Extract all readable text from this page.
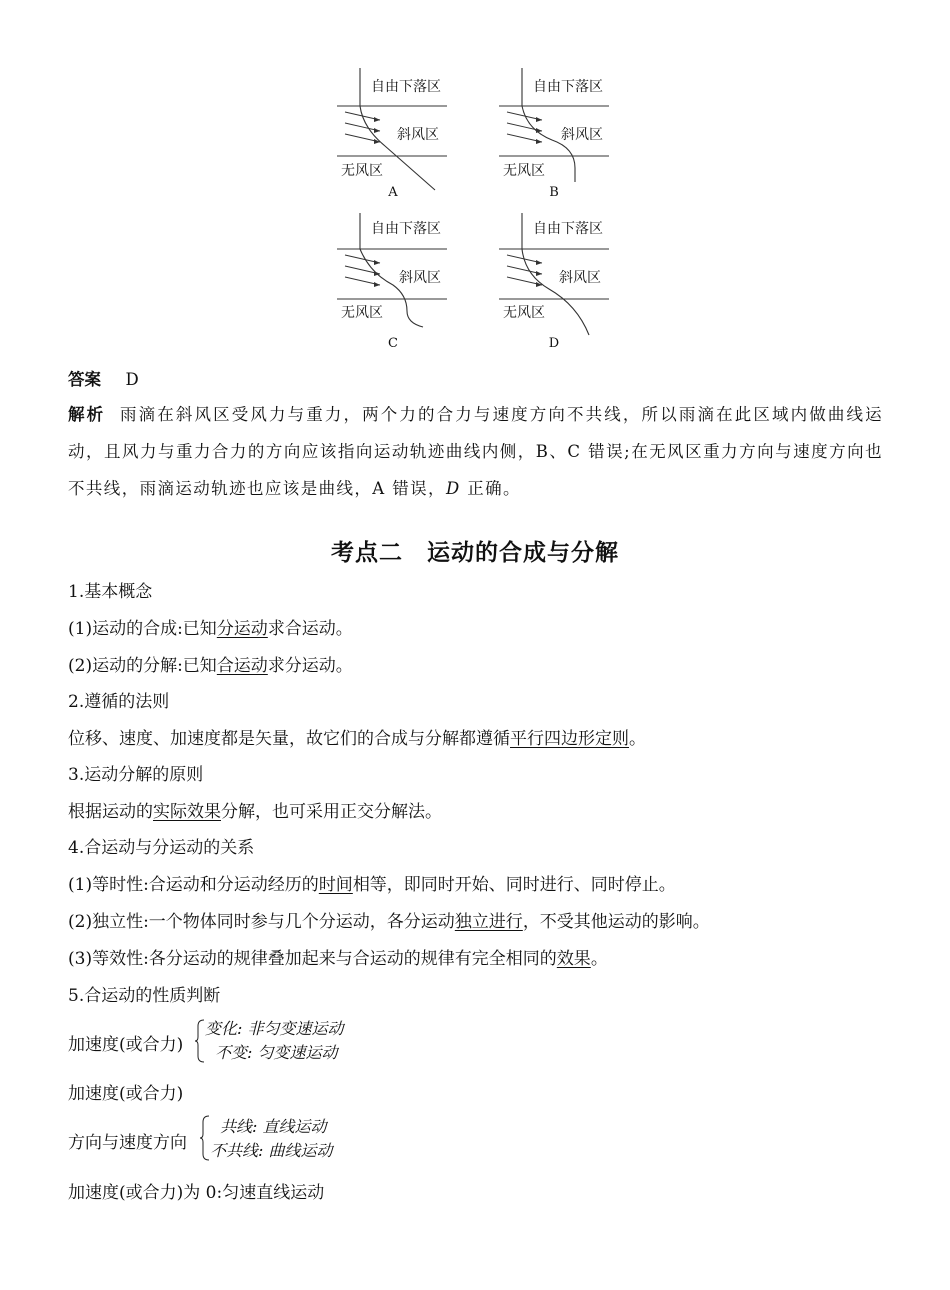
自由下落区
斜风区
无风区
A
自由下落区
斜风区
无风区
B
自由下落区
斜风区
无风区
C
自由下落区
斜风区
无风区
D
答案 D
解析 雨滴在斜风区受风力与重力，两个力的合力与速度方向不共线，所以雨滴在此区域内做曲线运动，且风力与重力合力的方向应该指向运动轨迹曲线内侧，B、C 错误;在无风区重力方向与速度方向也不共线，雨滴运动轨迹也应该是曲线，A 错误，D 正确。
考点二　运动的合成与分解
1.基本概念
(1)运动的合成:已知分运动求合运动。
(2)运动的分解:已知合运动求分运动。
2.遵循的法则
位移、速度、加速度都是矢量，故它们的合成与分解都遵循平行四边形定则。
3.运动分解的原则
根据运动的实际效果分解，也可采用正交分解法。
4.合运动与分运动的关系
(1)等时性:合运动和分运动经历的时间相等，即同时开始、同时进行、同时停止。
(2)独立性:一个物体同时参与几个分运动，各分运动独立进行，不受其他运动的影响。
(3)等效性:各分运动的规律叠加起来与合运动的规律有完全相同的效果。
5.合运动的性质判断
加速度(或合力)
变化: 非匀变速运动
不变: 匀变速运动
加速度(或合力)
方向与速度方向
共线: 直线运动
不共线: 曲线运动
加速度(或合力)为 0:匀速直线运动
